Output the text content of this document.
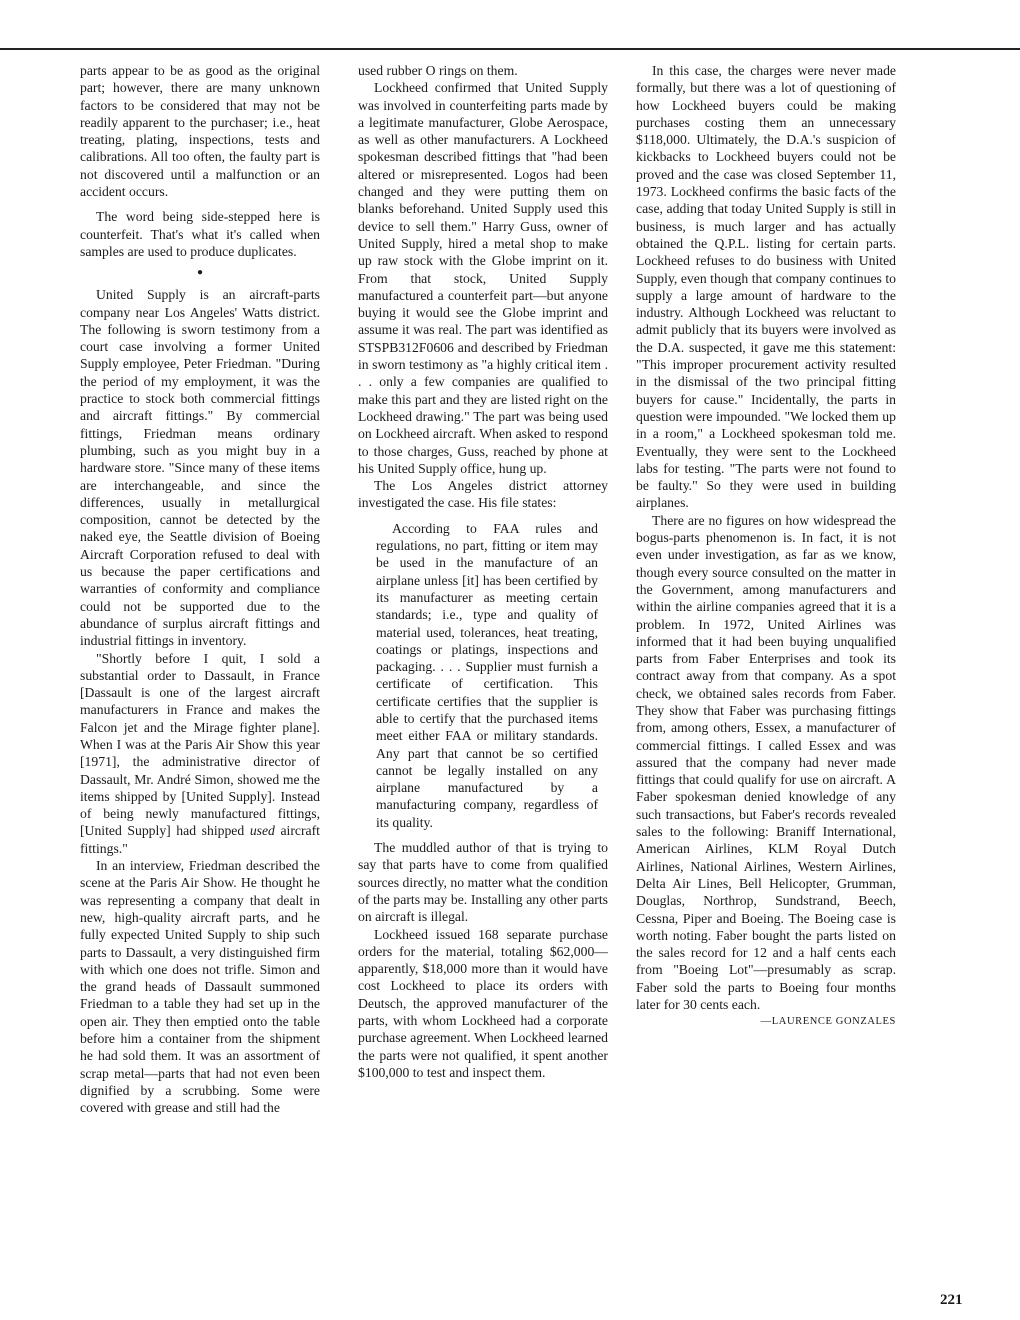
parts appear to be as good as the original part; however, there are many unknown factors to be considered that may not be readily apparent to the purchaser; i.e., heat treating, plating, inspections, tests and calibrations. All too often, the faulty part is not discovered until a malfunction or an accident occurs.

The word being side-stepped here is counterfeit. That's what it's called when samples are used to produce duplicates.

●

United Supply is an aircraft-parts company near Los Angeles' Watts district. The following is sworn testimony from a court case involving a former United Supply employee, Peter Friedman. "During the period of my employment, it was the practice to stock both commercial fittings and aircraft fittings." By commercial fittings, Friedman means ordinary plumbing, such as you might buy in a hardware store. "Since many of these items are interchangeable, and since the differences, usually in metallurgical composition, cannot be detected by the naked eye, the Seattle division of Boeing Aircraft Corporation refused to deal with us because the paper certifications and warranties of conformity and compliance could not be supported due to the abundance of surplus aircraft fittings and industrial fittings in inventory.

"Shortly before I quit, I sold a substantial order to Dassault, in France [Dassault is one of the largest aircraft manufacturers in France and makes the Falcon jet and the Mirage fighter plane]. When I was at the Paris Air Show this year [1971], the administrative director of Dassault, Mr. André Simon, showed me the items shipped by [United Supply]. Instead of being newly manufactured fittings, [United Supply] had shipped used aircraft fittings."

In an interview, Friedman described the scene at the Paris Air Show. He thought he was representing a company that dealt in new, high-quality aircraft parts, and he fully expected United Supply to ship such parts to Dassault, a very distinguished firm with which one does not trifle. Simon and the grand heads of Dassault summoned Friedman to a table they had set up in the open air. They then emptied onto the table before him a container from the shipment he had sold them. It was an assortment of scrap metal—parts that had not even been dignified by a scrubbing. Some were covered with grease and still had the

used rubber O rings on them.

Lockheed confirmed that United Supply was involved in counterfeiting parts made by a legitimate manufacturer, Globe Aerospace, as well as other manufacturers. A Lockheed spokesman described fittings that "had been altered or misrepresented. Logos had been changed and they were putting them on blanks beforehand. United Supply used this device to sell them." Harry Guss, owner of United Supply, hired a metal shop to make up raw stock with the Globe imprint on it. From that stock, United Supply manufactured a counterfeit part—but anyone buying it would see the Globe imprint and assume it was real. The part was identified as STSPB312F0606 and described by Friedman in sworn testimony as "a highly critical item . . . only a few companies are qualified to make this part and they are listed right on the Lockheed drawing." The part was being used on Lockheed aircraft. When asked to respond to those charges, Guss, reached by phone at his United Supply office, hung up.

The Los Angeles district attorney investigated the case. His file states:

According to FAA rules and regulations, no part, fitting or item may be used in the manufacture of an airplane unless [it] has been certified by its manufacturer as meeting certain standards; i.e., type and quality of material used, tolerances, heat treating, coatings or platings, inspections and packaging. . . . Supplier must furnish a certificate of certification. This certificate certifies that the supplier is able to certify that the purchased items meet either FAA or military standards. Any part that cannot be so certified cannot be legally installed on any airplane manufactured by a manufacturing company, regardless of its quality.

The muddled author of that is trying to say that parts have to come from qualified sources directly, no matter what the condition of the parts may be. Installing any other parts on aircraft is illegal.

Lockheed issued 168 separate purchase orders for the material, totaling $62,000—apparently, $18,000 more than it would have cost Lockheed to place its orders with Deutsch, the approved manufacturer of the parts, with whom Lockheed had a corporate purchase agreement. When Lockheed learned the parts were not qualified, it spent another $100,000 to test and inspect them.

In this case, the charges were never made formally, but there was a lot of questioning of how Lockheed buyers could be making purchases costing them an unnecessary $118,000. Ultimately, the D.A.'s suspicion of kickbacks to Lockheed buyers could not be proved and the case was closed September 11, 1973. Lockheed confirms the basic facts of the case, adding that today United Supply is still in business, is much larger and has actually obtained the Q.P.L. listing for certain parts. Lockheed refuses to do business with United Supply, even though that company continues to supply a large amount of hardware to the industry. Although Lockheed was reluctant to admit publicly that its buyers were involved as the D.A. suspected, it gave me this statement: "This improper procurement activity resulted in the dismissal of the two principal fitting buyers for cause." Incidentally, the parts in question were impounded. "We locked them up in a room," a Lockheed spokesman told me. Eventually, they were sent to the Lockheed labs for testing. "The parts were not found to be faulty." So they were used in building airplanes.

There are no figures on how widespread the bogus-parts phenomenon is. In fact, it is not even under investigation, as far as we know, though every source consulted on the matter in the Government, among manufacturers and within the airline companies agreed that it is a problem. In 1972, United Airlines was informed that it had been buying unqualified parts from Faber Enterprises and took its contract away from that company. As a spot check, we obtained sales records from Faber. They show that Faber was purchasing fittings from, among others, Essex, a manufacturer of commercial fittings. I called Essex and was assured that the company had never made fittings that could qualify for use on aircraft. A Faber spokesman denied knowledge of any such transactions, but Faber's records revealed sales to the following: Braniff International, American Airlines, KLM Royal Dutch Airlines, National Airlines, Western Airlines, Delta Air Lines, Bell Helicopter, Grumman, Douglas, Northrop, Sundstrand, Beech, Cessna, Piper and Boeing. The Boeing case is worth noting. Faber bought the parts listed on the sales record for 12 and a half cents each from "Boeing Lot"—presumably as scrap. Faber sold the parts to Boeing four months later for 30 cents each.
—LAURENCE GONZALES

221
